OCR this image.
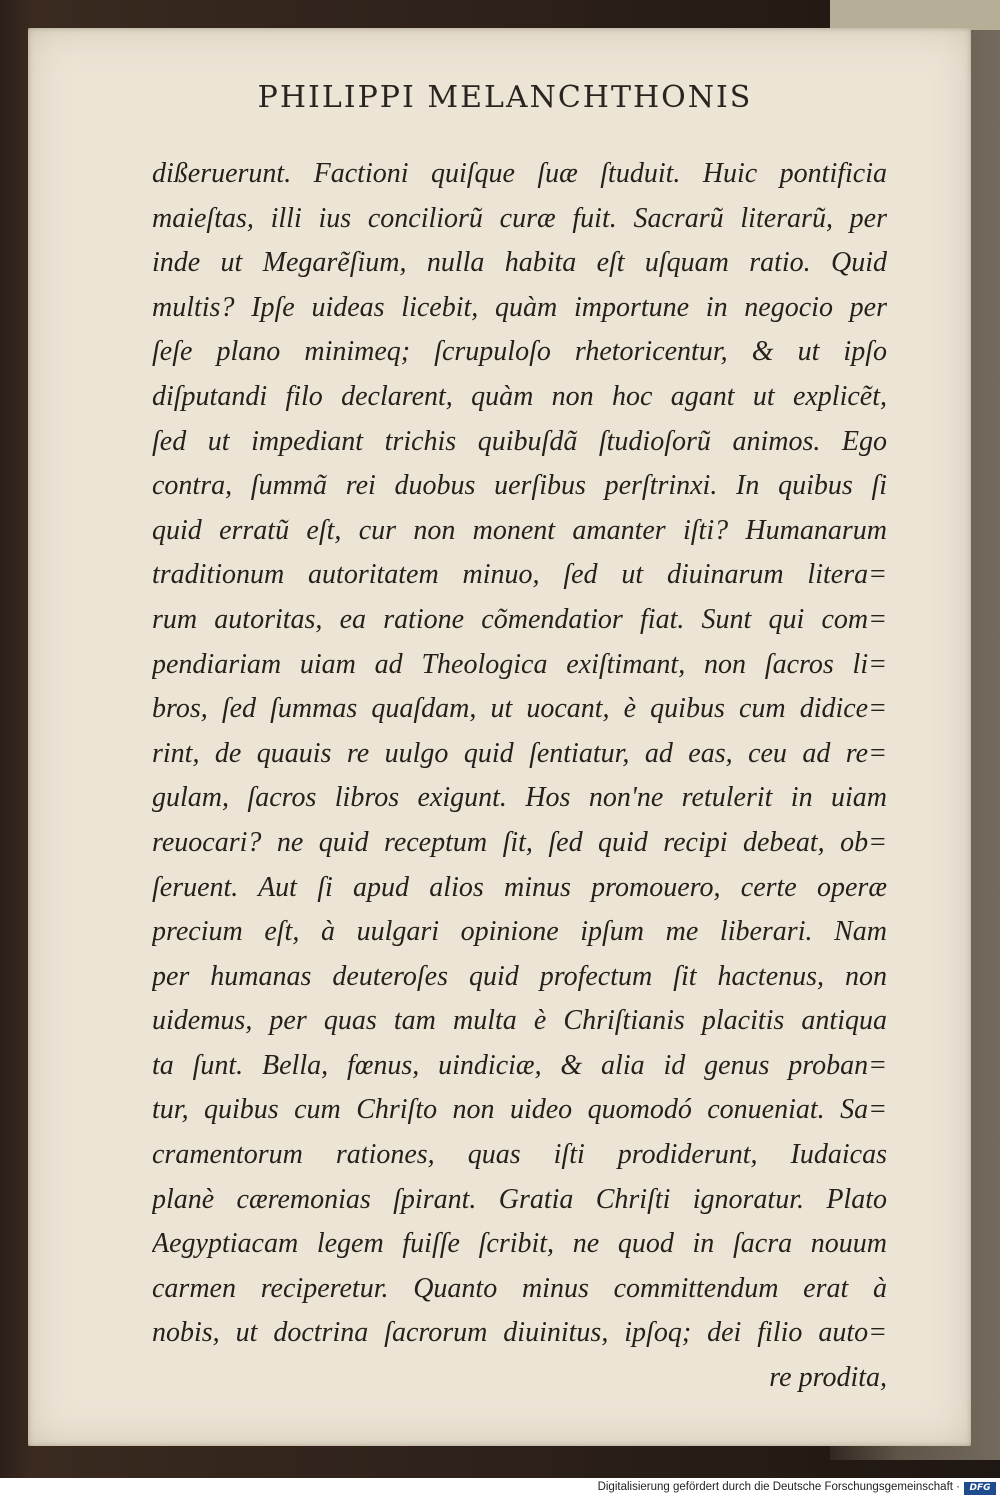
PHILIPPI MELANCHTHONIS
dißeruerunt. Factioni quiſque ſuæ ſtuduit. Huic pontificia
maieſtas, illi ius conciliorũ curæ fuit. Sacrarũ literarũ, per
inde ut Megarẽſium, nulla habita eſt uſquam ratio. Quid
multis? Ipſe uideas licebit, quàm importune in negocio per
ſeſe plano minimeq; ſcrupuloſo rhetoricentur, & ut ipſo
diſputandi filo declarent, quàm non hoc agant ut explicẽt,
ſed ut impediant trichis quibuſdã ſtudioſorũ animos. Ego
contra, ſummã rei duobus uerſibus perſtrinxi. In quibus ſi
quid erratũ eſt, cur non monent amanter iſti? Humanarum
traditionum autoritatem minuo, ſed ut diuinarum litera=
rum autoritas, ea ratione cõmendatior fiat. Sunt qui com=
pendiariam uiam ad Theologica exiſtimant, non ſacros li=
bros, ſed ſummas quaſdam, ut uocant, è quibus cum didice=
rint, de quauis re uulgo quid ſentiatur, ad eas, ceu ad re=
gulam, ſacros libros exigunt. Hos non'ne retulerit in uiam
reuocari? ne quid receptum ſit, ſed quid recipi debeat, ob=
ſeruent. Aut ſi apud alios minus promouero, certe operæ
precium eſt, à uulgari opinione ipſum me liberari. Nam
per humanas deuteroſes quid profectum ſit hactenus, non
uidemus, per quas tam multa è Chriſtianis placitis antiqua
ta ſunt. Bella, fœnus, uindiciæ, & alia id genus proban=
tur, quibus cum Chriſto non uideo quomodó conueniat. Sa=
cramentorum rationes, quas iſti prodiderunt, Iudaicas
planè cæremonias ſpirant. Gratia Chriſti ignoratur. Plato
Aegyptiacam legem fuiſſe ſcribit, ne quod in ſacra nouum
carmen reciperetur. Quanto minus committendum erat à
nobis, ut doctrina ſacrorum diuinitus, ipſoq; dei filio auto=
re prodita,
Digitalisierung gefördert durch die Deutsche Forschungsgemeinschaft ·	DFG
